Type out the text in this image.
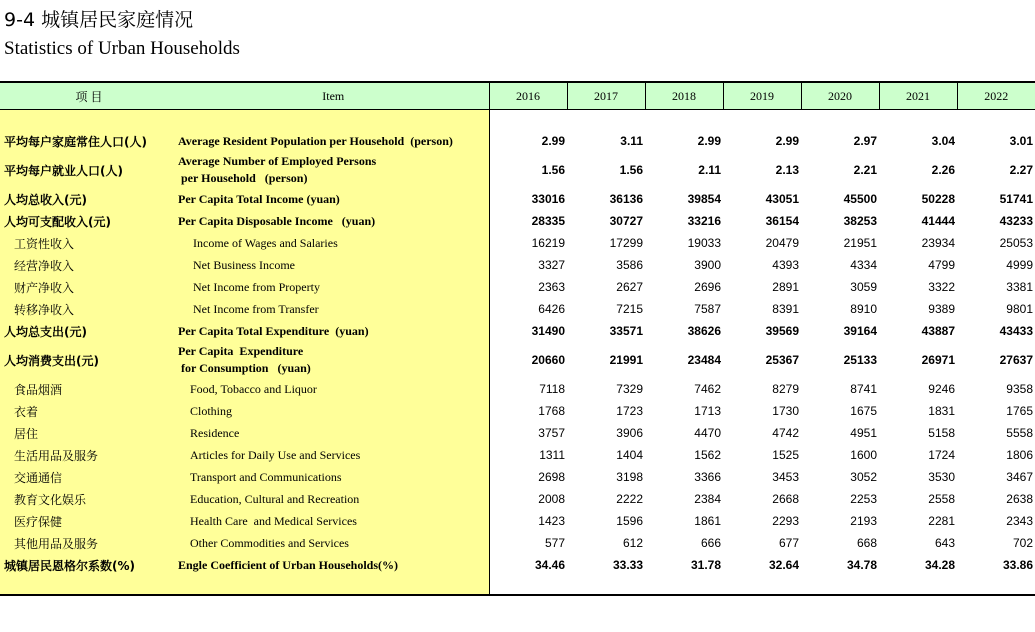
9-4 城镇居民家庭情况
Statistics of Urban Households
项 目	Item	2016	2017	2018	2019	2020	2021	2022

平均每户家庭常住人口(人)	Average Resident Population per Household  (person)	2.99	3.11	2.99	2.99	2.97	3.04	3.01
平均每户就业人口(人)	Average Number of Employed Persons
per Household   (person)	1.56	1.56	2.11	2.13	2.21	2.26	2.27
人均总收入(元)	Per Capita Total Income (yuan)	33016	36136	39854	43051	45500	50228	51741
人均可支配收入(元)	Per Capita Disposable Income   (yuan)	28335	30727	33216	36154	38253	41444	43233
工资性收入	Income of Wages and Salaries	16219	17299	19033	20479	21951	23934	25053
经营净收入	Net Business Income	3327	3586	3900	4393	4334	4799	4999
财产净收入	Net Income from Property	2363	2627	2696	2891	3059	3322	3381
转移净收入	Net Income from Transfer	6426	7215	7587	8391	8910	9389	9801
人均总支出(元)	Per Capita Total Expenditure  (yuan)	31490	33571	38626	39569	39164	43887	43433
人均消费支出(元)	Per Capita  Expenditure
for Consumption   (yuan)	20660	21991	23484	25367	25133	26971	27637
食品烟酒	Food, Tobacco and Liquor	7118	7329	7462	8279	8741	9246	9358
衣着	Clothing	1768	1723	1713	1730	1675	1831	1765
居住	Residence	3757	3906	4470	4742	4951	5158	5558
生活用品及服务	Articles for Daily Use and Services	1311	1404	1562	1525	1600	1724	1806
交通通信	Transport and Communications	2698	3198	3366	3453	3052	3530	3467
教育文化娱乐	Education, Cultural and Recreation	2008	2222	2384	2668	2253	2558	2638
医疗保健	Health Care  and Medical Services	1423	1596	1861	2293	2193	2281	2343
其他用品及服务	Other Commodities and Services	577	612	666	677	668	643	702
城镇居民恩格尔系数(%)	Engle Coefficient of Urban Households(%)	34.46	33.33	31.78	32.64	34.78	34.28	33.86
